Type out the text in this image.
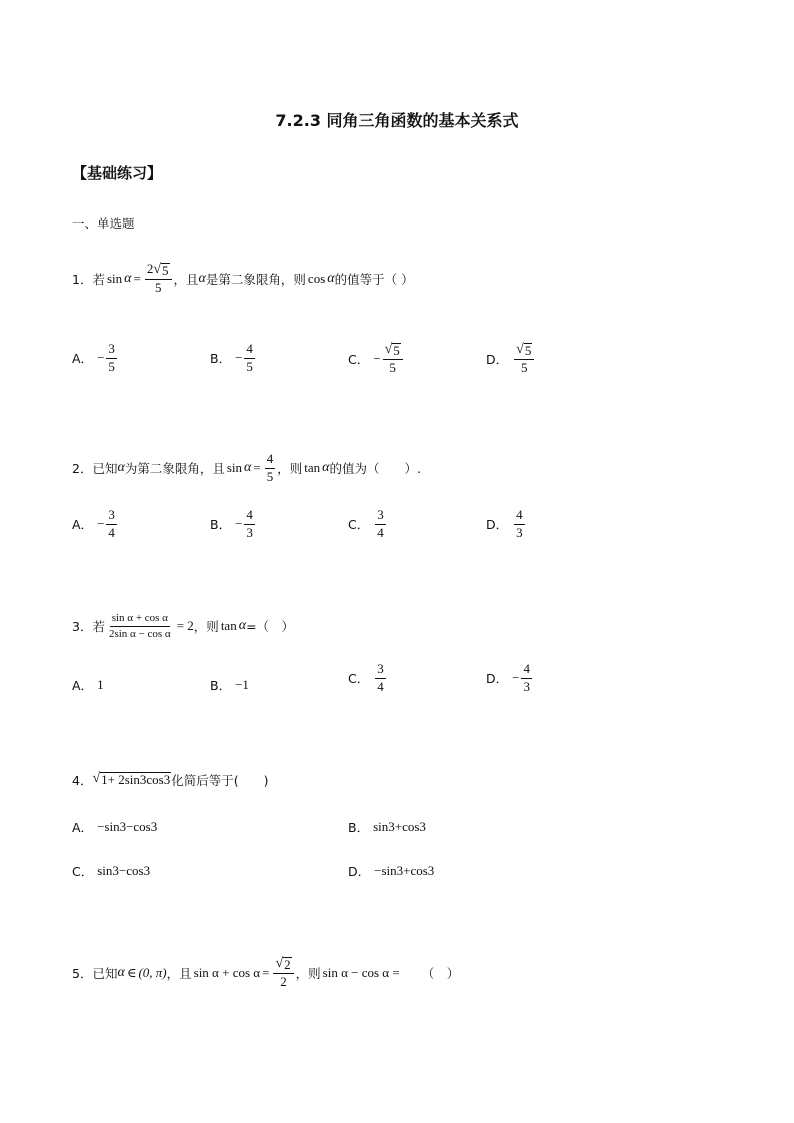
7.2.3 同角三角函数的基本关系式
【基础练习】
一、单选题
1． 若 $\sin \alpha = \frac{2 √ 5}{5}$ ，且 α 是第二象限角，则 cos α 的值等于（ ）
A． − $\frac{3}{5}$	B． − $\frac{4}{5}$	C． − $\frac{√ 5}{5}$	D． $\frac{√ 5}{5}$
2． 已知 α 为第二象限角，且 $\sin \alpha = \frac{4}{5}$ ，则 tan α 的值为（　　）.
A． − $\frac{3}{4}$	B． − $\frac{4}{3}$	C． $\frac{3}{4}$	D． $\frac{4}{3}$
3． 若 $\frac{\text{sin α + cos α}}{\text{2sin α − cos α}} = 2$ ，则 tan α =（　）
A． 1	B． −1	C． $\frac{3}{4}$	D． − $\frac{4}{3}$
4． √ 1+ 2sin3cos3 化简后等于(　　)
A． −sin3−cos3	B． sin3+cos3
C． sin3−cos3	D． −sin3+cos3
5． 已知 α ∈ (0, π) ，且 $\sin \alpha + \cos \alpha = \frac{√ 2}{2}$ ，则 sin α − cos α = （　）
